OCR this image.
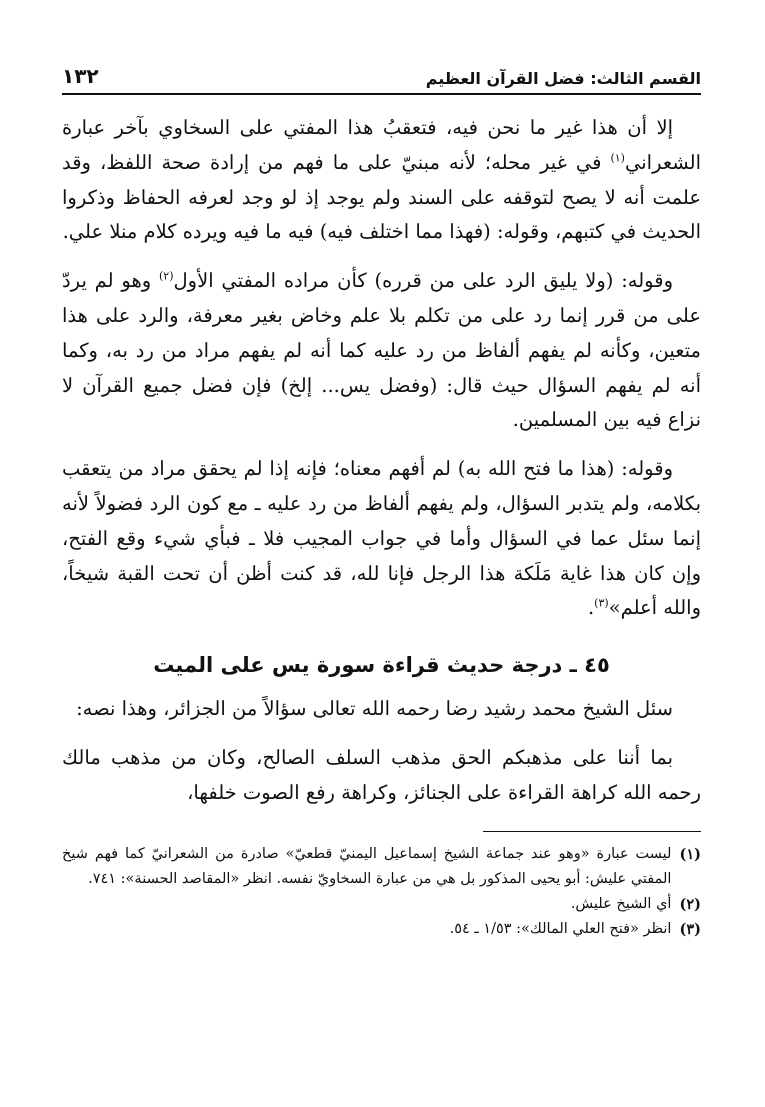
القسم الثالث: فضل القرآن العظيم
١٣٢

إلا أن هذا غير ما نحن فيه، فتعقبُ هذا المفتي على السخاوي بآخر عبارة الشعراني$^{(١)}$ في غير محله؛ لأنه مبنيّ على ما فهم من إرادة صحة اللفظ، وقد علمت أنه لا يصح لتوقفه على السند ولم يوجد إذ لو وجد لعرفه الحفاظ وذكروا الحديث في كتبهم، وقوله: (فهذا مما اختلف فيه) فيه ما فيه ويرده كلام منلا علي.

وقوله: (ولا يليق الرد على من قرره) كأن مراده المفتي الأول$^{(٢)}$ وهو لم يردّ على من قرر إنما رد على من تكلم بلا علم وخاض بغير معرفة، والرد على هذا متعين، وكأنه لم يفهم ألفاظ من رد عليه كما أنه لم يفهم مراد من رد به، وكما أنه لم يفهم السؤال حيث قال: (وفضل يس... إلخ) فإن فضل جميع القرآن لا نزاع فيه بين المسلمين.

وقوله: (هذا ما فتح الله به) لم أفهم معناه؛ فإنه إذا لم يحقق مراد من يتعقب بكلامه، ولم يتدبر السؤال، ولم يفهم ألفاظ من رد عليه ـ مع كون الرد فضولاً لأنه إنما سئل عما في السؤال وأما في جواب المجيب فلا ـ فبأي شيء وقع الفتح، وإن كان هذا غاية مَلَكة هذا الرجل فإنا لله، قد كنت أظن أن تحت القبة شيخاً، والله أعلم»$^{(٣)}$.

٤٥ ـ درجة حديث قراءة سورة يس على الميت

سئل الشيخ محمد رشيد رضا رحمه الله تعالى سؤالاً من الجزائر، وهذا نصه:

بما أننا على مذهبكم الحق مذهب السلف الصالح، وكان من مذهب مالك رحمه الله كراهة القراءة على الجنائز، وكراهة رفع الصوت خلفها،

(١)
ليست عبارة «وهو عند جماعة الشيخ إسماعيل اليمنيّ قطعيّ» صادرة من الشعرانيّ كما فهم شيخ المفتي عليش: أبو يحيى المذكور بل هي من عبارة السخاويّ نفسه. انظر «المقاصد الحسنة»: ٧٤١.
(٢)
أي الشيخ عليش.
(٣)
انظر «فتح العلي المالك»: ١/٥٣ ـ ٥٤.
